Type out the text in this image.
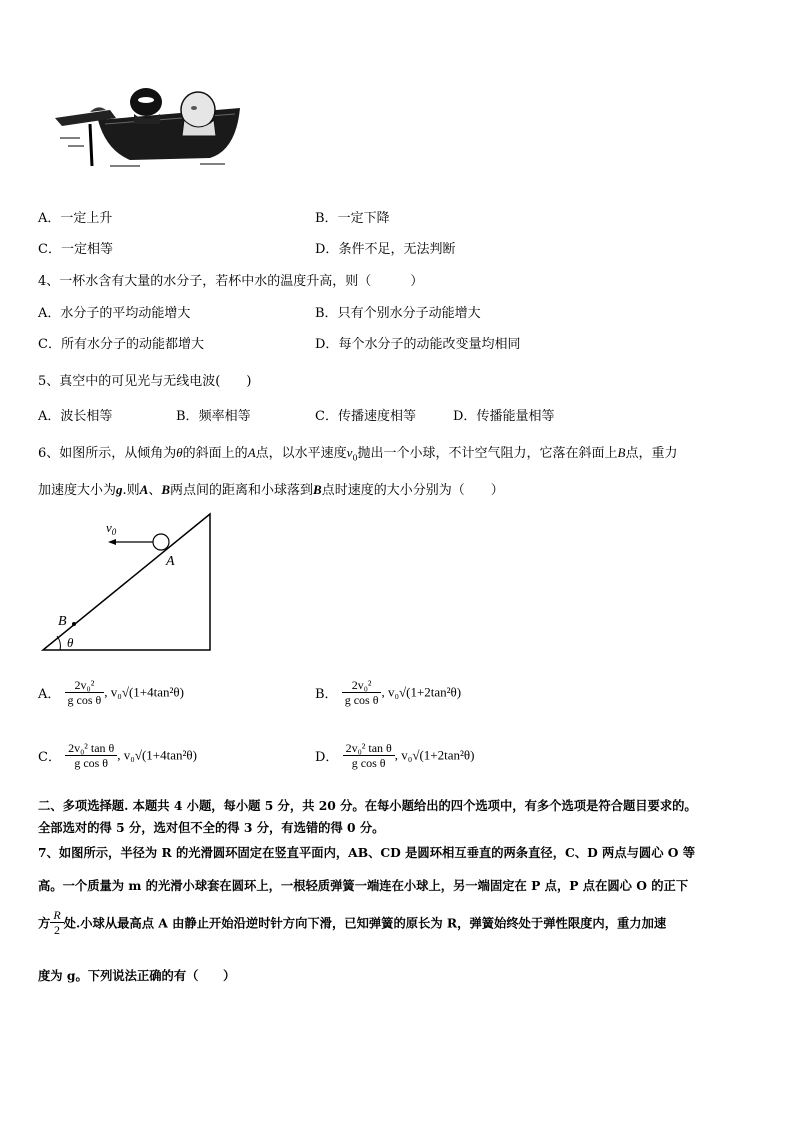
A．一定上升	B．一定下降
C．一定相等	D．条件不足，无法判断
4、一杯水含有大量的水分子，若杯中水的温度升高，则（　　　）
A．水分子的平均动能增大	B．只有个别水分子动能增大
C．所有水分子的动能都增大	D．每个水分子的动能改变量均相同
5、真空中的可见光与无线电波(　　)
A．波长相等	B．频率相等	C．传播速度相等	D．传播能量相等
6、如图所示，从倾角为θ的斜面上的A点，以水平速度$v_0$抛出一个小球，不计空气阻力，它落在斜面上B点，重力
加速度大小为g.则A、B两点间的距离和小球落到B点时速度的大小分别为（　　）
$v_0$
A
B
θ
A． $\frac{\text{2v₀²}}{\text{g cos θ}}$ , v₀√(1+4tan²θ)	B． $\frac{\text{2v₀²}}{\text{g cos θ}}$ , v₀√(1+2tan²θ)
C． $\frac{\text{2v₀² tan θ}}{\text{g cos θ}}$ , v₀√(1+4tan²θ)	D． $\frac{\text{2v₀² tan θ}}{\text{g cos θ}}$ , v₀√(1+2tan²θ)
二、多项选择题. 本题共 4 小题，每小题 5 分，共 20 分。在每小题给出的四个选项中，有多个选项是符合题目要求的。
全部选对的得 5 分，选对但不全的得 3 分，有选错的得 0 分。
7、如图所示，半径为 R 的光滑圆环固定在竖直平面内，AB、CD 是圆环相互垂直的两条直径，C、D 两点与圆心 O 等
高。一个质量为 m 的光滑小球套在圆环上，一根轻质弹簧一端连在小球上，另一端固定在 P 点，P 点在圆心 O 的正下
方 $\frac{R}{2}$ 处.小球从最高点 A 由静止开始沿逆时针方向下滑，已知弹簧的原长为 R，弹簧始终处于弹性限度内，重力加速
度为 g。下列说法正确的有（　　）
